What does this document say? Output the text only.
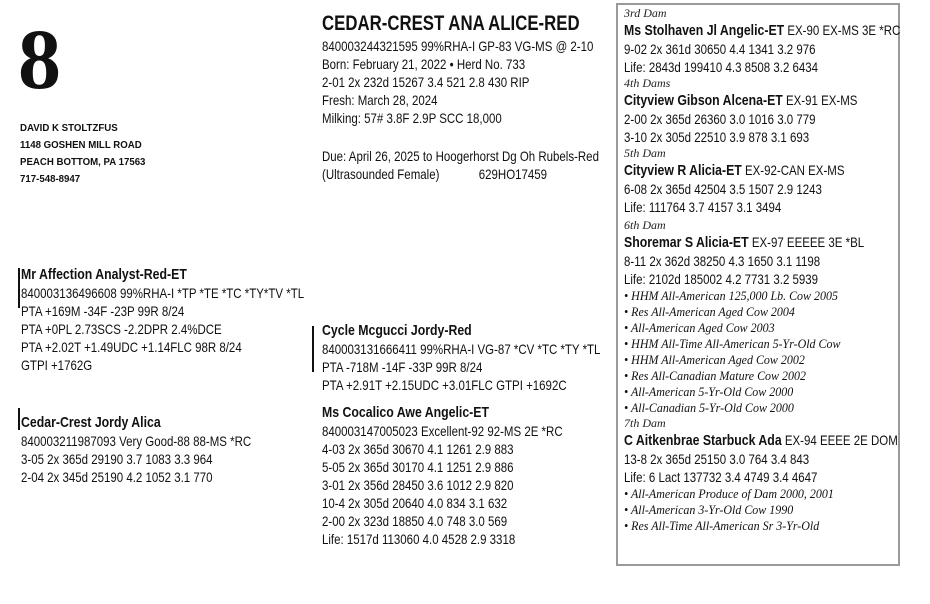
8
DAVID K STOLTZFUS
1148 GOSHEN MILL ROAD
PEACH BOTTOM, PA 17563
717-548-8947
CEDAR-CREST ANA ALICE-RED
840003244321595 99%RHA-I GP-83 VG-MS @ 2-10
Born: February 21, 2022 • Herd No. 733
2-01 2x 232d 15267 3.4 521 2.8 430 RIP
Fresh: March 28, 2024
Milking: 57# 3.8F 2.9P SCC 18,000
Due: April 26, 2025 to Hoogerhorst Dg Oh Rubels-Red
(Ultrasounded Female)	629HO17459
Mr Affection Analyst-Red-ET
840003136496608 99%RHA-I *TP *TE *TC *TY*TV *TL
PTA +169M -34F -23P 99R 8/24
PTA +0PL 2.73SCS -2.2DPR 2.4%DCE
PTA +2.02T +1.49UDC +1.14FLC 98R 8/24
GTPI +1762G
Cedar-Crest Jordy Alica
840003211987093 Very Good-88 88-MS *RC
3-05 2x 365d 29190 3.7 1083 3.3 964
2-04 2x 345d 25190 4.2 1052 3.1 770
Cycle Mcgucci Jordy-Red
840003131666411 99%RHA-I VG-87 *CV *TC *TY *TL
PTA -718M -14F -33P 99R 8/24
PTA +2.91T +2.15UDC +3.01FLC GTPI +1692C
Ms Cocalico Awe Angelic-ET
840003147005023 Excellent-92 92-MS 2E *RC
4-03 2x 365d 30670 4.1 1261 2.9 883
5-05 2x 365d 30170 4.1 1251 2.9 886
3-01 2x 356d 28450 3.6 1012 2.9 820
10-4 2x 305d 20640 4.0 834 3.1 632
2-00 2x 323d 18850 4.0 748 3.0 569
Life: 1517d 113060 4.0 4528 2.9 3318
3rd Dam
Ms Stolhaven Jl Angelic-ET EX-90 EX-MS 3E *RC
9-02 2x 361d 30650 4.4 1341 3.2 976
Life: 2843d 199410 4.3 8508 3.2 6434
4th Dams
Cityview Gibson Alcena-ET EX-91 EX-MS
2-00 2x 365d 26360 3.0 1016 3.0 779
3-10 2x 305d 22510 3.9 878 3.1 693
5th Dam
Cityview R Alicia-ET EX-92-CAN EX-MS
6-08 2x 365d 42504 3.5 1507 2.9 1243
Life: 111764 3.7 4157 3.1 3494
6th Dam
Shoremar S Alicia-ET EX-97 EEEEE 3E *BL
8-11 2x 362d 38250 4.3 1650 3.1 1198
Life: 2102d 185002 4.2 7731 3.2 5939
• HHM All-American 125,000 Lb. Cow 2005
• Res All-American Aged Cow 2004
• All-American Aged Cow 2003
• HHM All-Time All-American 5-Yr-Old Cow
• HHM All-American Aged Cow 2002
• Res All-Canadian Mature Cow 2002
• All-American 5-Yr-Old Cow 2000
• All-Canadian 5-Yr-Old Cow 2000
7th Dam
C Aitkenbrae Starbuck Ada EX-94 EEEE 2E DOM
13-8 2x 365d 25150 3.0 764 3.4 843
Life: 6 Lact 137732 3.4 4749 3.4 4647
• All-American Produce of Dam 2000, 2001
• All-American 3-Yr-Old Cow 1990
• Res All-Time All-American Sr 3-Yr-Old
